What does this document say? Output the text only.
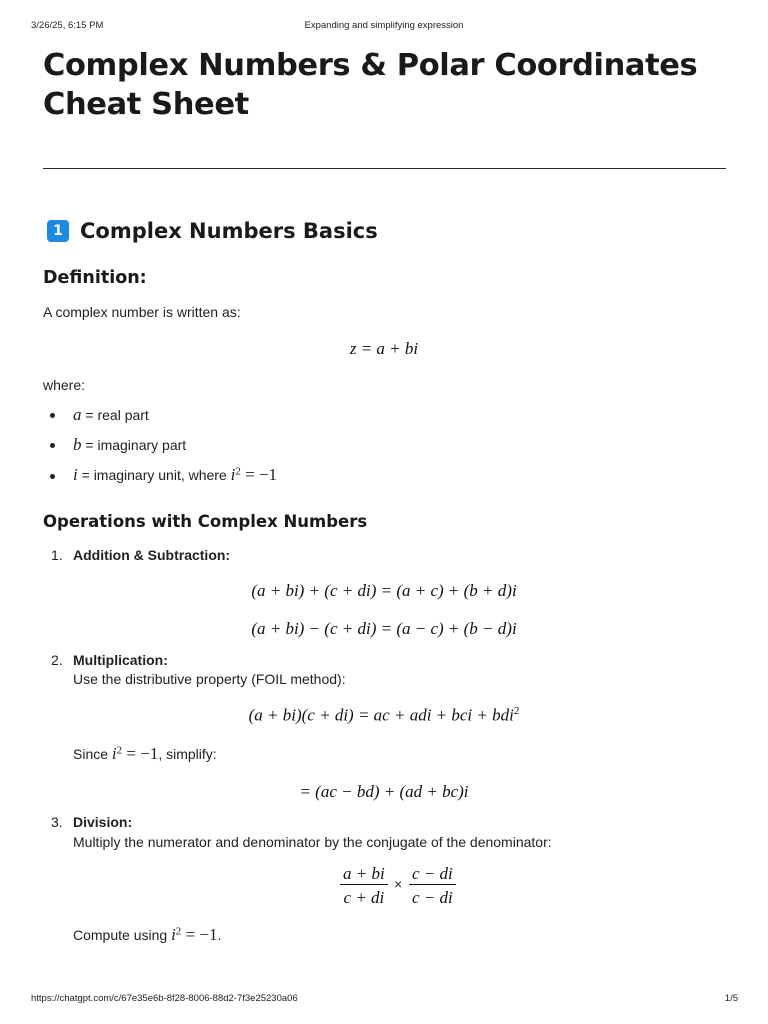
3/26/25, 6:15 PM	Expanding and simplifying expression
Complex Numbers & Polar Coordinates
Cheat Sheet
1 Complex Numbers Basics
Definition:
A complex number is written as:
z = a + bi
where:
a = real part
b = imaginary part
i = imaginary unit, where $i^2 = -1$
Operations with Complex Numbers
1. Addition & Subtraction:
(a + bi) + (c + di) = (a + c) + (b + d)i
(a + bi) − (c + di) = (a − c) + (b − d)i
2. Multiplication:
Use the distributive property (FOIL method):
(a + bi)(c + di) = ac + adi + bci + bdi$^2$
Since $i^2 = -1$, simplify:
= (ac − bd) + (ad + bc)i
3. Division:
Multiply the numerator and denominator by the conjugate of the denominator:
$\frac{a + bi}{c + di} \times \frac{c - di}{c - di}$
Compute using $i^2 = -1$.
https://chatgpt.com/c/67e35e6b-8f28-8006-88d2-7f3e25230a06	1/5
